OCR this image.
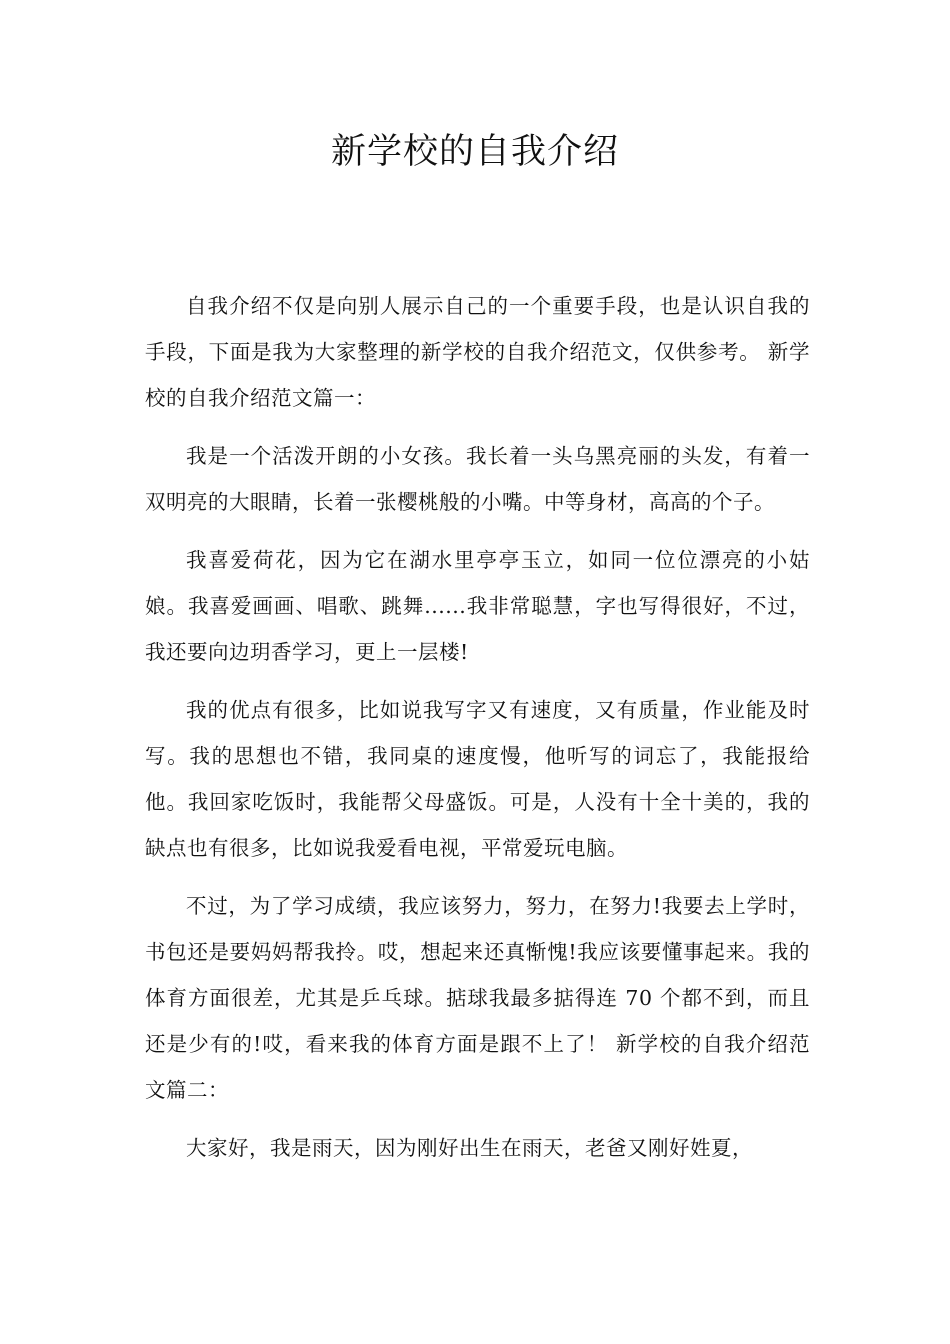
新学校的自我介绍

自我介绍不仅是向别人展示自己的一个重要手段，也是认识自我的手段，下面是我为大家整理的新学校的自我介绍范文，仅供参考。 新学校的自我介绍范文篇一：

我是一个活泼开朗的小女孩。我长着一头乌黑亮丽的头发，有着一双明亮的大眼睛，长着一张樱桃般的小嘴。中等身材，高高的个子。

我喜爱荷花，因为它在湖水里亭亭玉立，如同一位位漂亮的小姑娘。我喜爱画画、唱歌、跳舞......我非常聪慧，字也写得很好，不过，我还要向边玥香学习，更上一层楼!

我的优点有很多，比如说我写字又有速度，又有质量，作业能及时写。我的思想也不错，我同桌的速度慢，他听写的词忘了，我能报给他。我回家吃饭时，我能帮父母盛饭。可是，人没有十全十美的，我的缺点也有很多，比如说我爱看电视，平常爱玩电脑。

不过，为了学习成绩，我应该努力，努力，在努力!我要去上学时，书包还是要妈妈帮我拎。哎，想起来还真惭愧!我应该要懂事起来。我的体育方面很差，尤其是乒乓球。掂球我最多掂得连 70 个都不到，而且还是少有的!哎，看来我的体育方面是跟不上了！ 新学校的自我介绍范文篇二：

大家好，我是雨天，因为刚好出生在雨天，老爸又刚好姓夏，
